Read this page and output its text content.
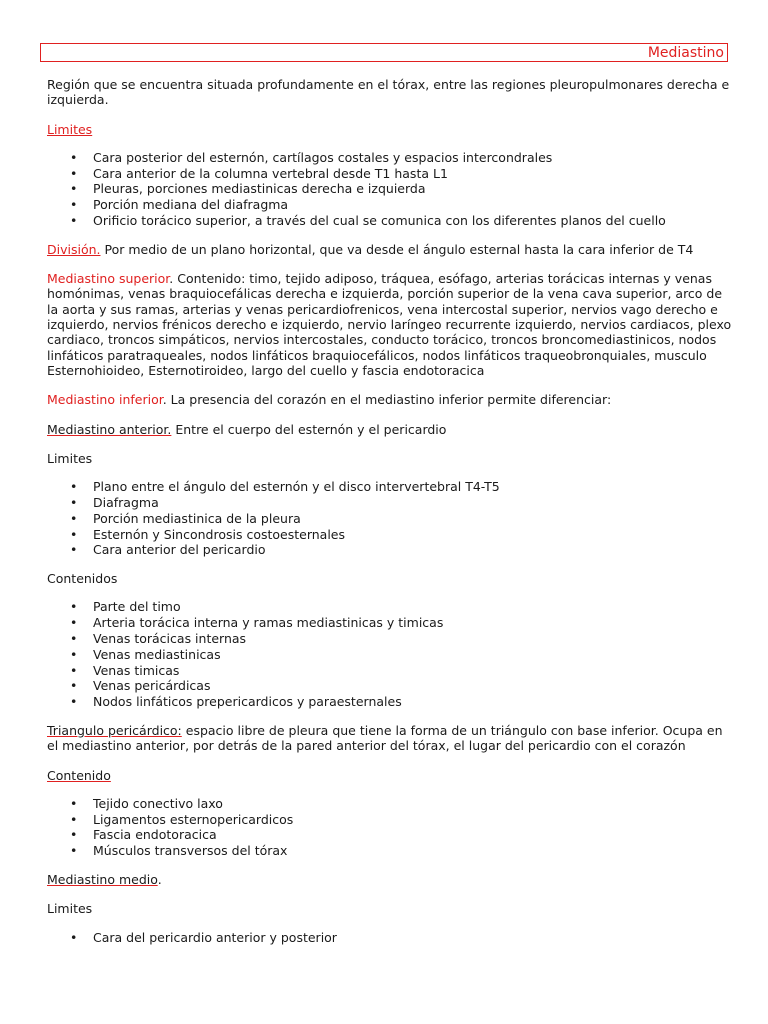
Mediastino

Región que se encuentra situada profundamente en el tórax, entre las regiones pleuropulmonares derecha e izquierda.

Limites

• Cara posterior del esternón, cartílagos costales y espacios intercondrales
• Cara anterior de la columna vertebral desde T1 hasta L1
• Pleuras, porciones mediastinicas derecha e izquierda
• Porción mediana del diafragma
• Orificio torácico superior, a través del cual se comunica con los diferentes planos del cuello

División. Por medio de un plano horizontal, que va desde el ángulo esternal hasta la cara inferior de T4

Mediastino superior. Contenido: timo, tejido adiposo, tráquea, esófago, arterias torácicas internas y venas homónimas, venas braquiocefálicas derecha e izquierda, porción superior de la vena cava superior, arco de la aorta y sus ramas, arterias y venas pericardiofrenicos, vena intercostal superior, nervios vago derecho e izquierdo, nervios frénicos derecho e izquierdo, nervio laríngeo recurrente izquierdo, nervios cardiacos, plexo cardiaco, troncos simpáticos, nervios intercostales, conducto torácico, troncos broncomediastinicos, nodos linfáticos paratraqueales, nodos linfáticos braquiocefálicos, nodos linfáticos traqueobronquiales, musculo Esternohioideo, Esternotiroideo, largo del cuello y fascia endotoracica

Mediastino inferior. La presencia del corazón en el mediastino inferior permite diferenciar:

Mediastino anterior. Entre el cuerpo del esternón y el pericardio

Limites

• Plano entre el ángulo del esternón y el disco intervertebral T4-T5
• Diafragma
• Porción mediastinica de la pleura
• Esternón y Sincondrosis costoesternales
• Cara anterior del pericardio

Contenidos

• Parte del timo
• Arteria torácica interna y ramas mediastinicas y timicas
• Venas torácicas internas
• Venas mediastinicas
• Venas timicas
• Venas pericárdicas
• Nodos linfáticos prepericardicos y paraesternales

Triangulo pericárdico: espacio libre de pleura que tiene la forma de un triángulo con base inferior. Ocupa en el mediastino anterior, por detrás de la pared anterior del tórax, el lugar del pericardio con el corazón

Contenido

• Tejido conectivo laxo
• Ligamentos esternopericardicos
• Fascia endotoracica
• Músculos transversos del tórax

Mediastino medio.

Limites

• Cara del pericardio anterior y posterior
